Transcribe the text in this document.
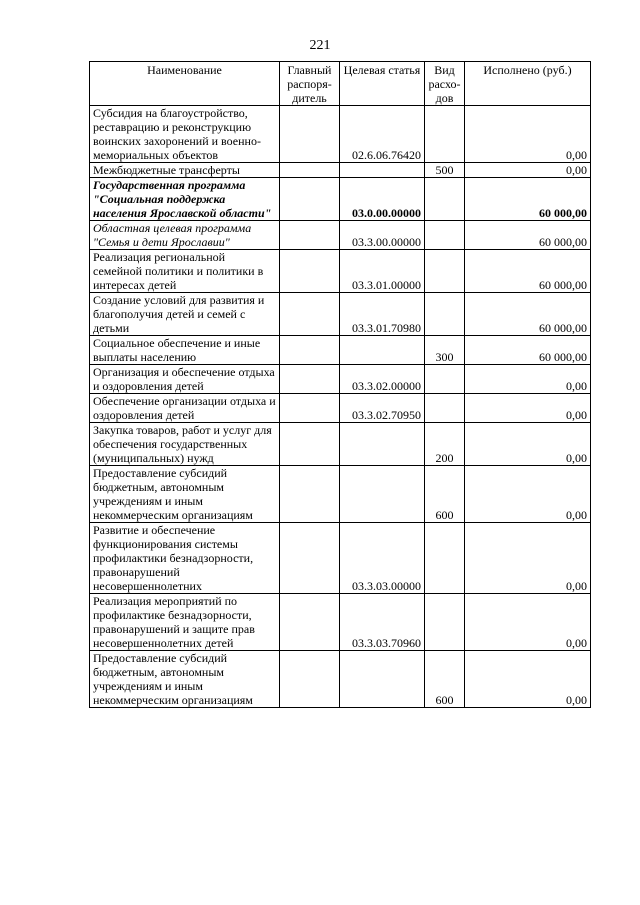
221
Наименование	Главный распоря-дитель	Целевая статья	Вид расхо-дов	Исполнено (руб.)
Субсидия на благоустройство, реставрацию и реконструкцию воинских захоронений и военно-мемориальных объектов		02.6.06.76420		0,00
Межбюджетные трансферты			500	0,00
Государственная программа "Социальная поддержка населения Ярославской области"		03.0.00.00000		60 000,00
Областная целевая программа "Семья и дети Ярославии"		03.3.00.00000		60 000,00
Реализация региональной семейной политики и политики в интересах детей		03.3.01.00000		60 000,00
Создание условий для развития и благополучия детей и семей с детьми		03.3.01.70980		60 000,00
Социальное обеспечение и иные выплаты населению			300	60 000,00
Организация и обеспечение отдыха и оздоровления детей		03.3.02.00000		0,00
Обеспечение организации отдыха и оздоровления детей		03.3.02.70950		0,00
Закупка товаров, работ и услуг для обеспечения государственных (муниципальных) нужд			200	0,00
Предоставление субсидий бюджетным, автономным учреждениям и иным некоммерческим организациям			600	0,00
Развитие и обеспечение функционирования системы профилактики безнадзорности, правонарушений несовершеннолетних		03.3.03.00000		0,00
Реализация мероприятий по профилактике безнадзорности, правонарушений и защите прав несовершеннолетних детей		03.3.03.70960		0,00
Предоставление субсидий бюджетным, автономным учреждениям и иным некоммерческим организациям			600	0,00
